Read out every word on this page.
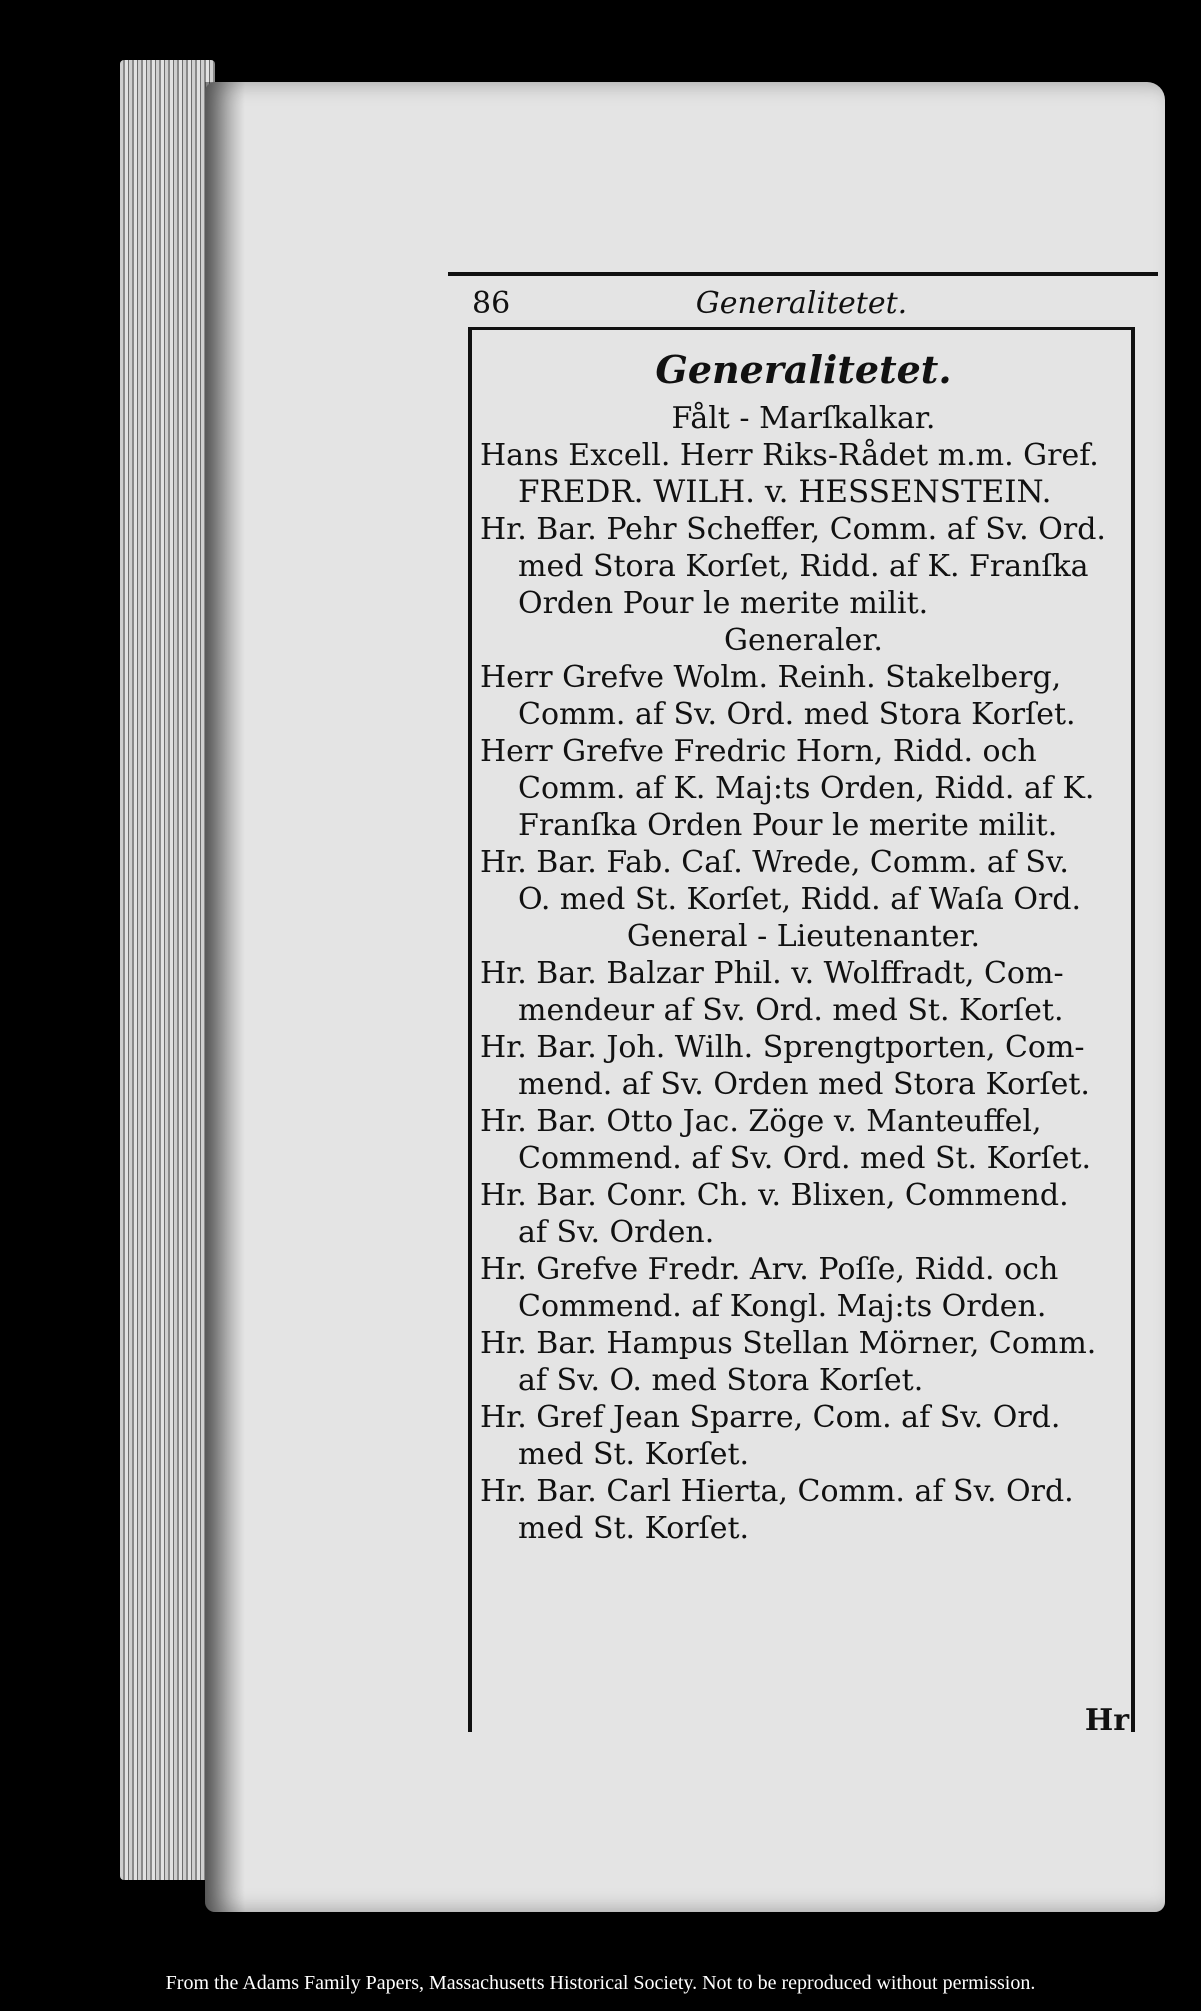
86	Generalitetet.
Generalitetet.
Fålt - Marſkalkar.
Hans Excell. Herr Riks-Rådet m.m. Gref.
FREDR. WILH. v. HESSENSTEIN.
Hr. Bar. Pehr Scheffer, Comm. af Sv. Ord.
med Stora Korſet, Ridd. af K. Franſka
Orden Pour le merite milit.
Generaler.
Herr Grefve Wolm. Reinh. Stakelberg,
Comm. af Sv. Ord. med Stora Korſet.
Herr Grefve Fredric Horn, Ridd. och
Comm. af K. Maj:ts Orden, Ridd. af K.
Franſka Orden Pour le merite milit.
Hr. Bar. Fab. Caſ. Wrede, Comm. af Sv.
O. med St. Korſet, Ridd. af Waſa Ord.
General - Lieutenanter.
Hr. Bar. Balzar Phil. v. Wolffradt, Com-
mendeur af Sv. Ord. med St. Korſet.
Hr. Bar. Joh. Wilh. Sprengtporten, Com-
mend. af Sv. Orden med Stora Korſet.
Hr. Bar. Otto Jac. Zöge v. Manteuffel,
Commend. af Sv. Ord. med St. Korſet.
Hr. Bar. Conr. Ch. v. Blixen, Commend.
af Sv. Orden.
Hr. Grefve Fredr. Arv. Poſſe, Ridd. och
Commend. af Kongl. Maj:ts Orden.
Hr. Bar. Hampus Stellan Mörner, Comm.
af Sv. O. med Stora Korſet.
Hr. Gref Jean Sparre, Com. af Sv. Ord.
med St. Korſet.
Hr. Bar. Carl Hierta, Comm. af Sv. Ord.
med St. Korſet.
Hr
From the Adams Family Papers, Massachusetts Historical Society. Not to be reproduced without permission.
